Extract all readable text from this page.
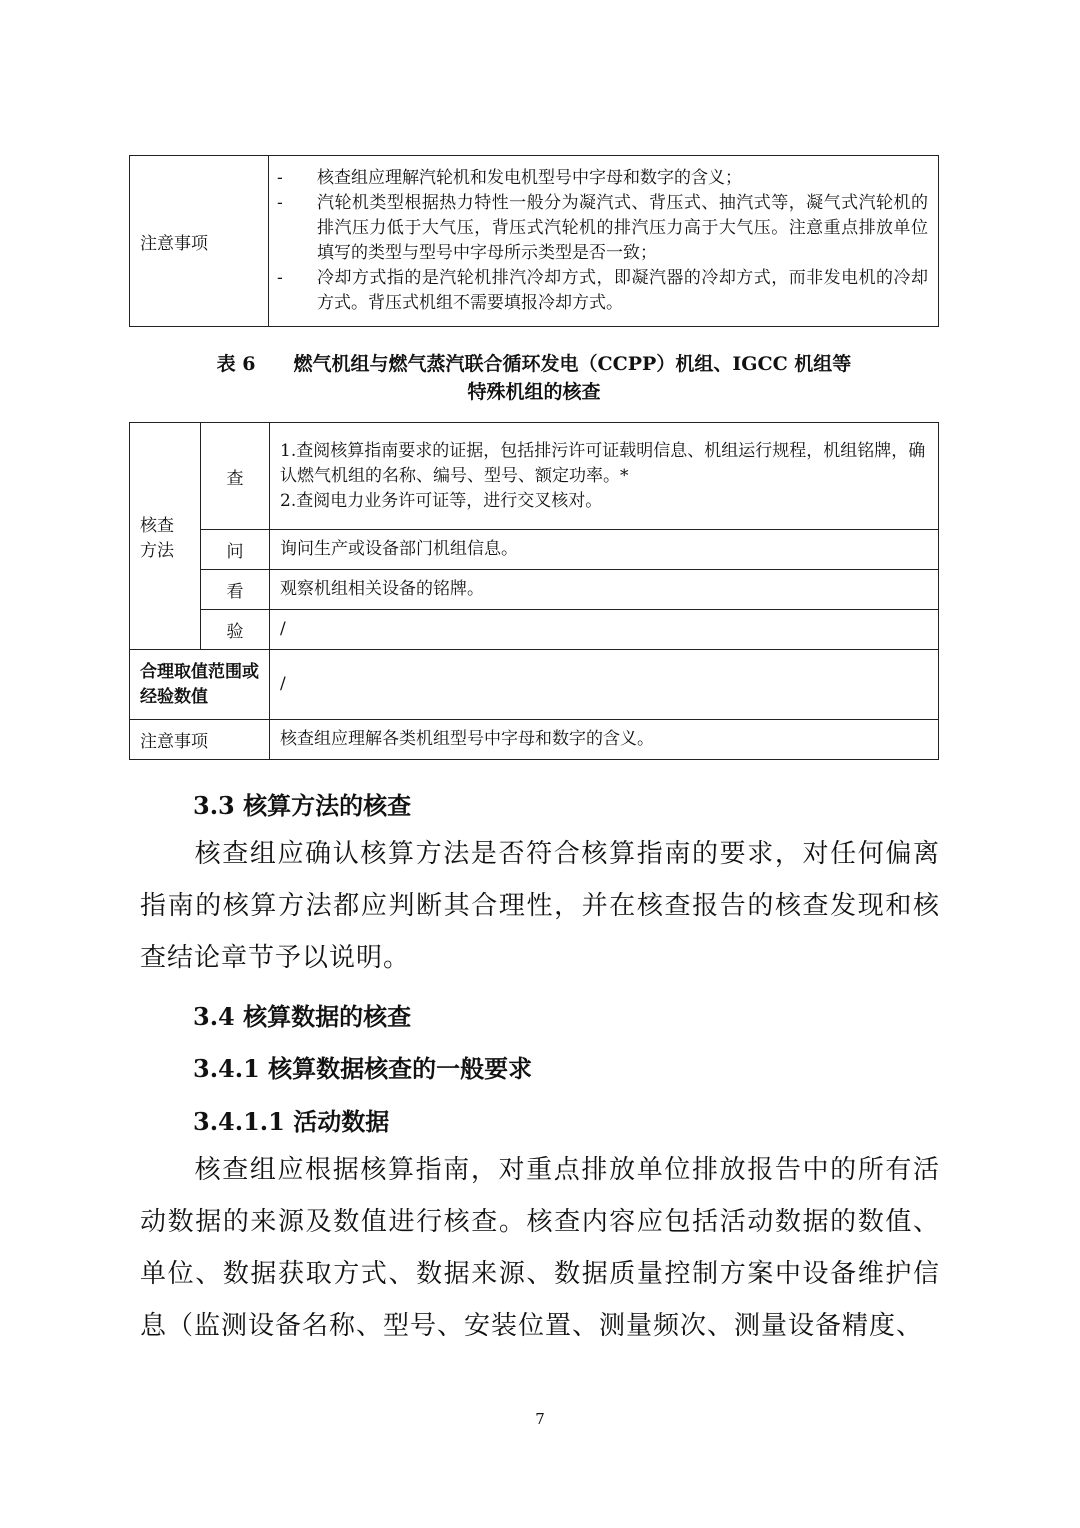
注意事项	
-	核查组应理解汽轮机和发电机型号中字母和数字的含义；
-	汽轮机类型根据热力特性一般分为凝汽式、背压式、抽汽式等，凝气式汽轮机的排汽压力低于大气压，背压式汽轮机的排汽压力高于大气压。注意重点排放单位填写的类型与型号中字母所示类型是否一致；
-	冷却方式指的是汽轮机排汽冷却方式，即凝汽器的冷却方式，而非发电机的冷却方式。背压式机组不需要填报冷却方式。
表 6 燃气机组与燃气蒸汽联合循环发电（CCPP）机组、IGCC 机组等
特殊机组的核查
核查方法	查	1.查阅核算指南要求的证据，包括排污许可证载明信息、机组运行规程，机组铭牌，确认燃气机组的名称、编号、型号、额定功率。*
2.查阅电力业务许可证等，进行交叉核对。

	问	询问生产或设备部门机组信息。
	看	观察机组相关设备的铭牌。
	验	/
合理取值范围或经验数值		/
注意事项		核查组应理解各类机组型号中字母和数字的含义。
3.3 核算方法的核查
核查组应确认核算方法是否符合核算指南的要求，对任何偏离指南的核算方法都应判断其合理性，并在核查报告的核查发现和核查结论章节予以说明。
3.4 核算数据的核查
3.4.1 核算数据核查的一般要求
3.4.1.1 活动数据
核查组应根据核算指南，对重点排放单位排放报告中的所有活动数据的来源及数值进行核查。核查内容应包括活动数据的数值、单位、数据获取方式、数据来源、数据质量控制方案中设备维护信息（监测设备名称、型号、安装位置、测量频次、测量设备精度、
7
